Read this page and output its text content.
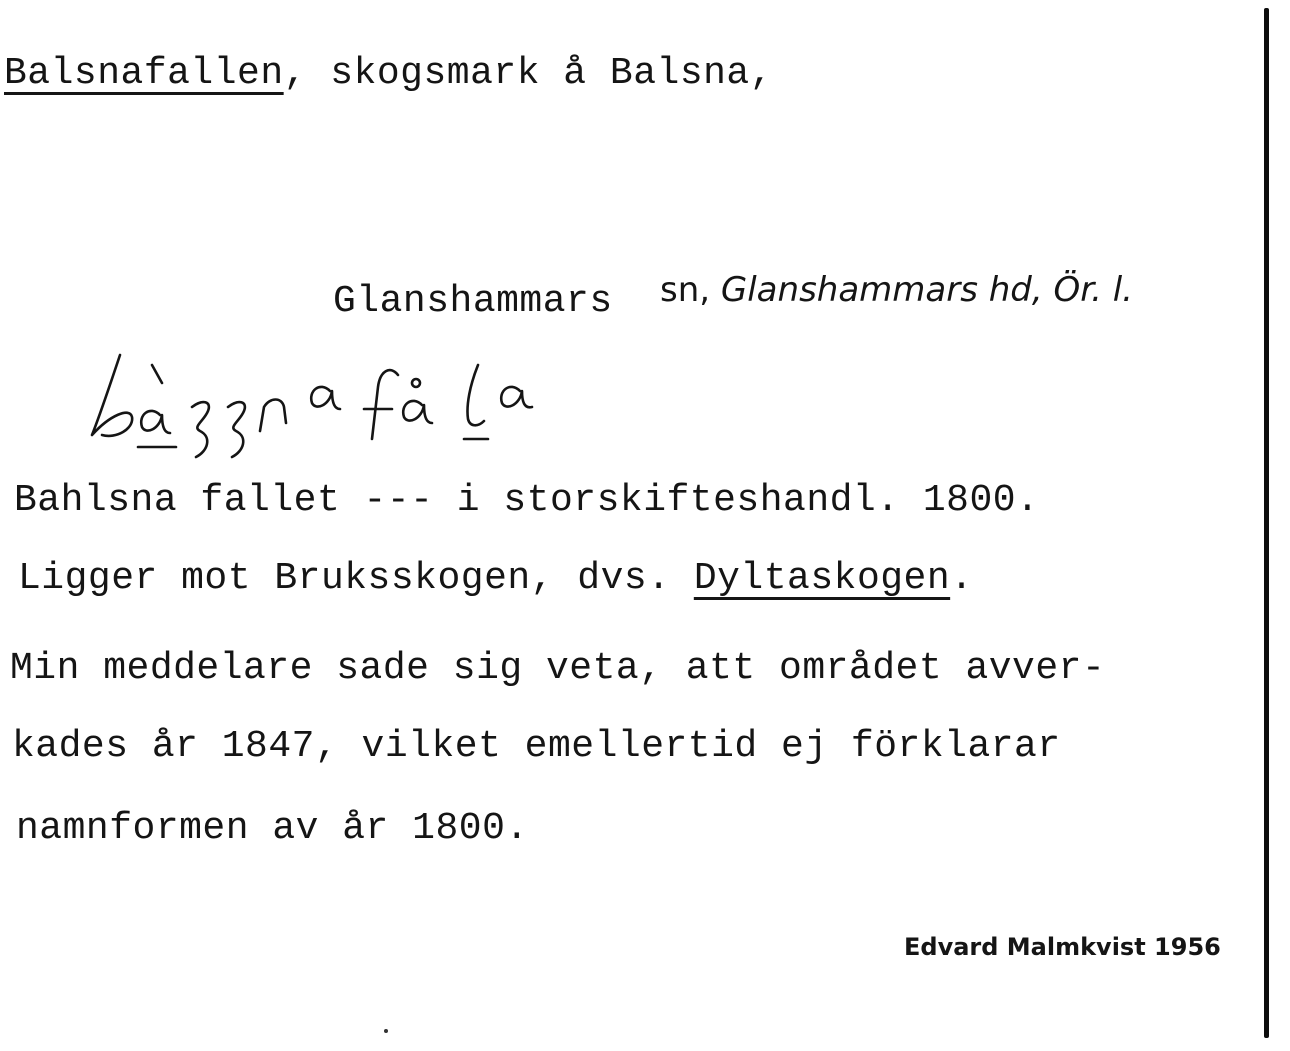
Balsnafallen, skogsmark å Balsna,
Glanshammars sn, Glanshammars hd, Ör. l.
bàʒʒna fåla
Bahlsna fallet --- i storskifteshandl. 1800.
Ligger mot Bruksskogen, dvs. Dyltaskogen.
Min meddelare sade sig veta, att området avver-
kades år 1847, vilket emellertid ej förklarar
namnformen av år 1800.
Edvard Malmkvist 1956
